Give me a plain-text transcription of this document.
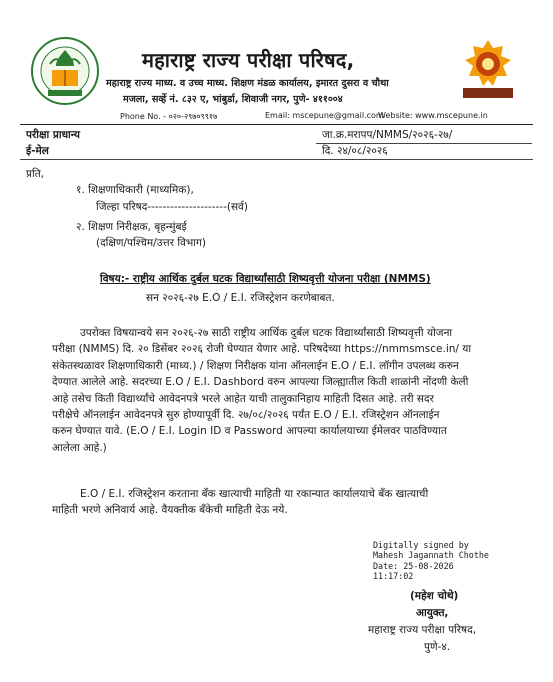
महाराष्ट्र राज्य परीक्षा परिषद,
महाराष्ट्र राज्य माध्य. व उच्च माध्य. शिक्षण मंडळ कार्यालय, इमारत दुसरा व चौथा
मजला, सर्व्हे नं. ८३२ ए, भांबुर्डा, शिवाजी नगर, पुणे- ४११००४
Phone No. - ०२०-२९७०९९१७	Email: mscepune@gmail.com
Website: www.mscepune.in
परीक्षा प्राधान्य
ई-मेल
जा.क्र.मरापप/NMMS/२०२६-२७/
दि. २४/०८/२०२६
प्रति,
१. शिक्षणाधिकारी (माध्यमिक),
जिल्हा परिषद---------------------(सर्व)
२. शिक्षण निरीक्षक, बृहन्मुंबई
(दक्षिण/पश्चिम/उत्तर विभाग)
विषय:- राष्ट्रीय आर्थिक दुर्बल घटक विद्यार्थ्यांसाठी शिष्यवृत्ती योजना परीक्षा (NMMS)
सन २०२६-२७ E.O / E.I. रजिस्ट्रेशन करणेबाबत.
उपरोक्त विषयान्वये सन २०२६-२७ साठी राष्ट्रीय आर्थिक दुर्बल घटक विद्यार्थ्यांसाठी शिष्यवृत्ती योजना
परीक्षा (NMMS) दि. २० डिसेंबर २०२६ रोजी घेण्यात येणार आहे. परिषदेच्या https://nmmsmsce.in/ या
संकेतस्थळावर शिक्षणाधिकारी (माध्य.) / शिक्षण निरीक्षक यांना ऑनलाईन E.O / E.I. लॉगीन उपलब्ध करुन
देण्यात आलेले आहे. सदरच्या E.O / E.I. Dashbord वरुन आपल्या जिल्ह्यातील किती शाळांनी नोंदणी केली
आहे तसेच किती विद्यार्थ्यांचे आवेदनपत्रे भरले आहेत याची तालुकानिहाय माहिती दिसत आहे. तरी सदर
परीक्षेचे ऑनलाईन आवेदनपत्रे सुरु होण्यापूर्वी दि. २७/०८/२०२६ पर्यंत E.O / E.I. रजिस्ट्रेशन ऑनलाईन
करुन घेण्यात यावे. (E.O / E.I. Login ID व Password आपल्या कार्यालयाच्या ईमेलवर पाठविण्यात
आलेला आहे.)
E.O / E.I. रजिस्ट्रेशन करताना बँक खात्याची माहिती या रकान्यात कार्यालयाचे बँक खात्याची
माहिती भरणे अनिवार्य आहे. वैयक्तीक बँकेची माहिती देऊ नये.
Digitally signed by
Mahesh Jagannath Chothe
Date: 25-08-2026
11:17:02
(महेश चोथे)
आयुक्त,
महाराष्ट्र राज्य परीक्षा परिषद,
पुणे-४.
